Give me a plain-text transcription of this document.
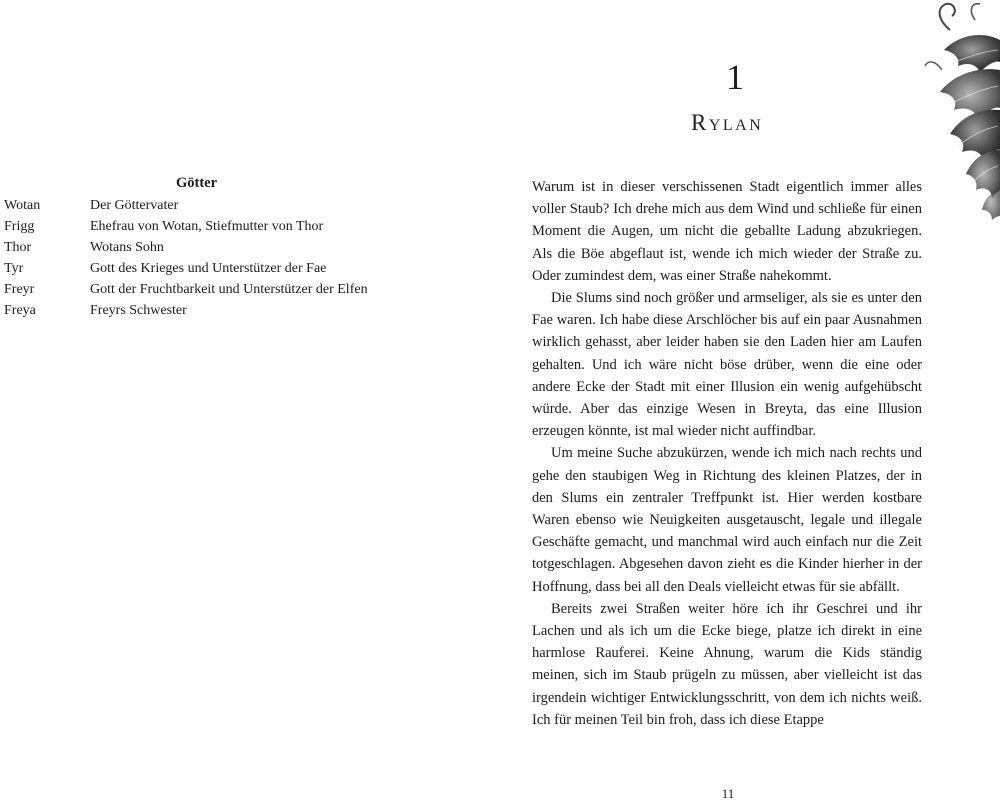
Götter
Wotan	Der Göttervater
Frigg	Ehefrau von Wotan, Stiefmutter von Thor
Thor	Wotans Sohn
Tyr	Gott des Krieges und Unterstützer der Fae
Freyr	Gott der Fruchtbarkeit und Unterstützer der Elfen
Freya	Freyrs Schwester
1
Rylan

Warum ist in dieser verschissenen Stadt eigentlich immer alles voller Staub? Ich drehe mich aus dem Wind und schließe für einen Moment die Augen, um nicht die geballte Ladung abzukriegen. Als die Böe abgeflaut ist, wende ich mich wieder der Straße zu. Oder zumindest dem, was einer Straße nahekommt.

Die Slums sind noch größer und armseliger, als sie es unter den Fae waren. Ich habe diese Arschlöcher bis auf ein paar Ausnahmen wirklich gehasst, aber leider haben sie den Laden hier am Laufen gehalten. Und ich wäre nicht böse drüber, wenn die eine oder andere Ecke der Stadt mit einer Illusion ein wenig aufgehübscht würde. Aber das einzige Wesen in Breyta, das eine Illusion erzeugen könnte, ist mal wieder nicht auffindbar.

Um meine Suche abzukürzen, wende ich mich nach rechts und gehe den staubigen Weg in Richtung des kleinen Platzes, der in den Slums ein zentraler Treffpunkt ist. Hier werden kostbare Waren ebenso wie Neuigkeiten ausgetauscht, legale und illegale Geschäfte gemacht, und manchmal wird auch einfach nur die Zeit totgeschlagen. Abgesehen davon zieht es die Kinder hierher in der Hoffnung, dass bei all den Deals vielleicht etwas für sie abfällt.

Bereits zwei Straßen weiter höre ich ihr Geschrei und ihr Lachen und als ich um die Ecke biege, platze ich direkt in eine harmlose Rauferei. Keine Ahnung, warum die Kids ständig meinen, sich im Staub prügeln zu müssen, aber vielleicht ist das irgendein wichtiger Entwicklungsschritt, von dem ich nichts weiß. Ich für meinen Teil bin froh, dass ich diese Etappe

11
